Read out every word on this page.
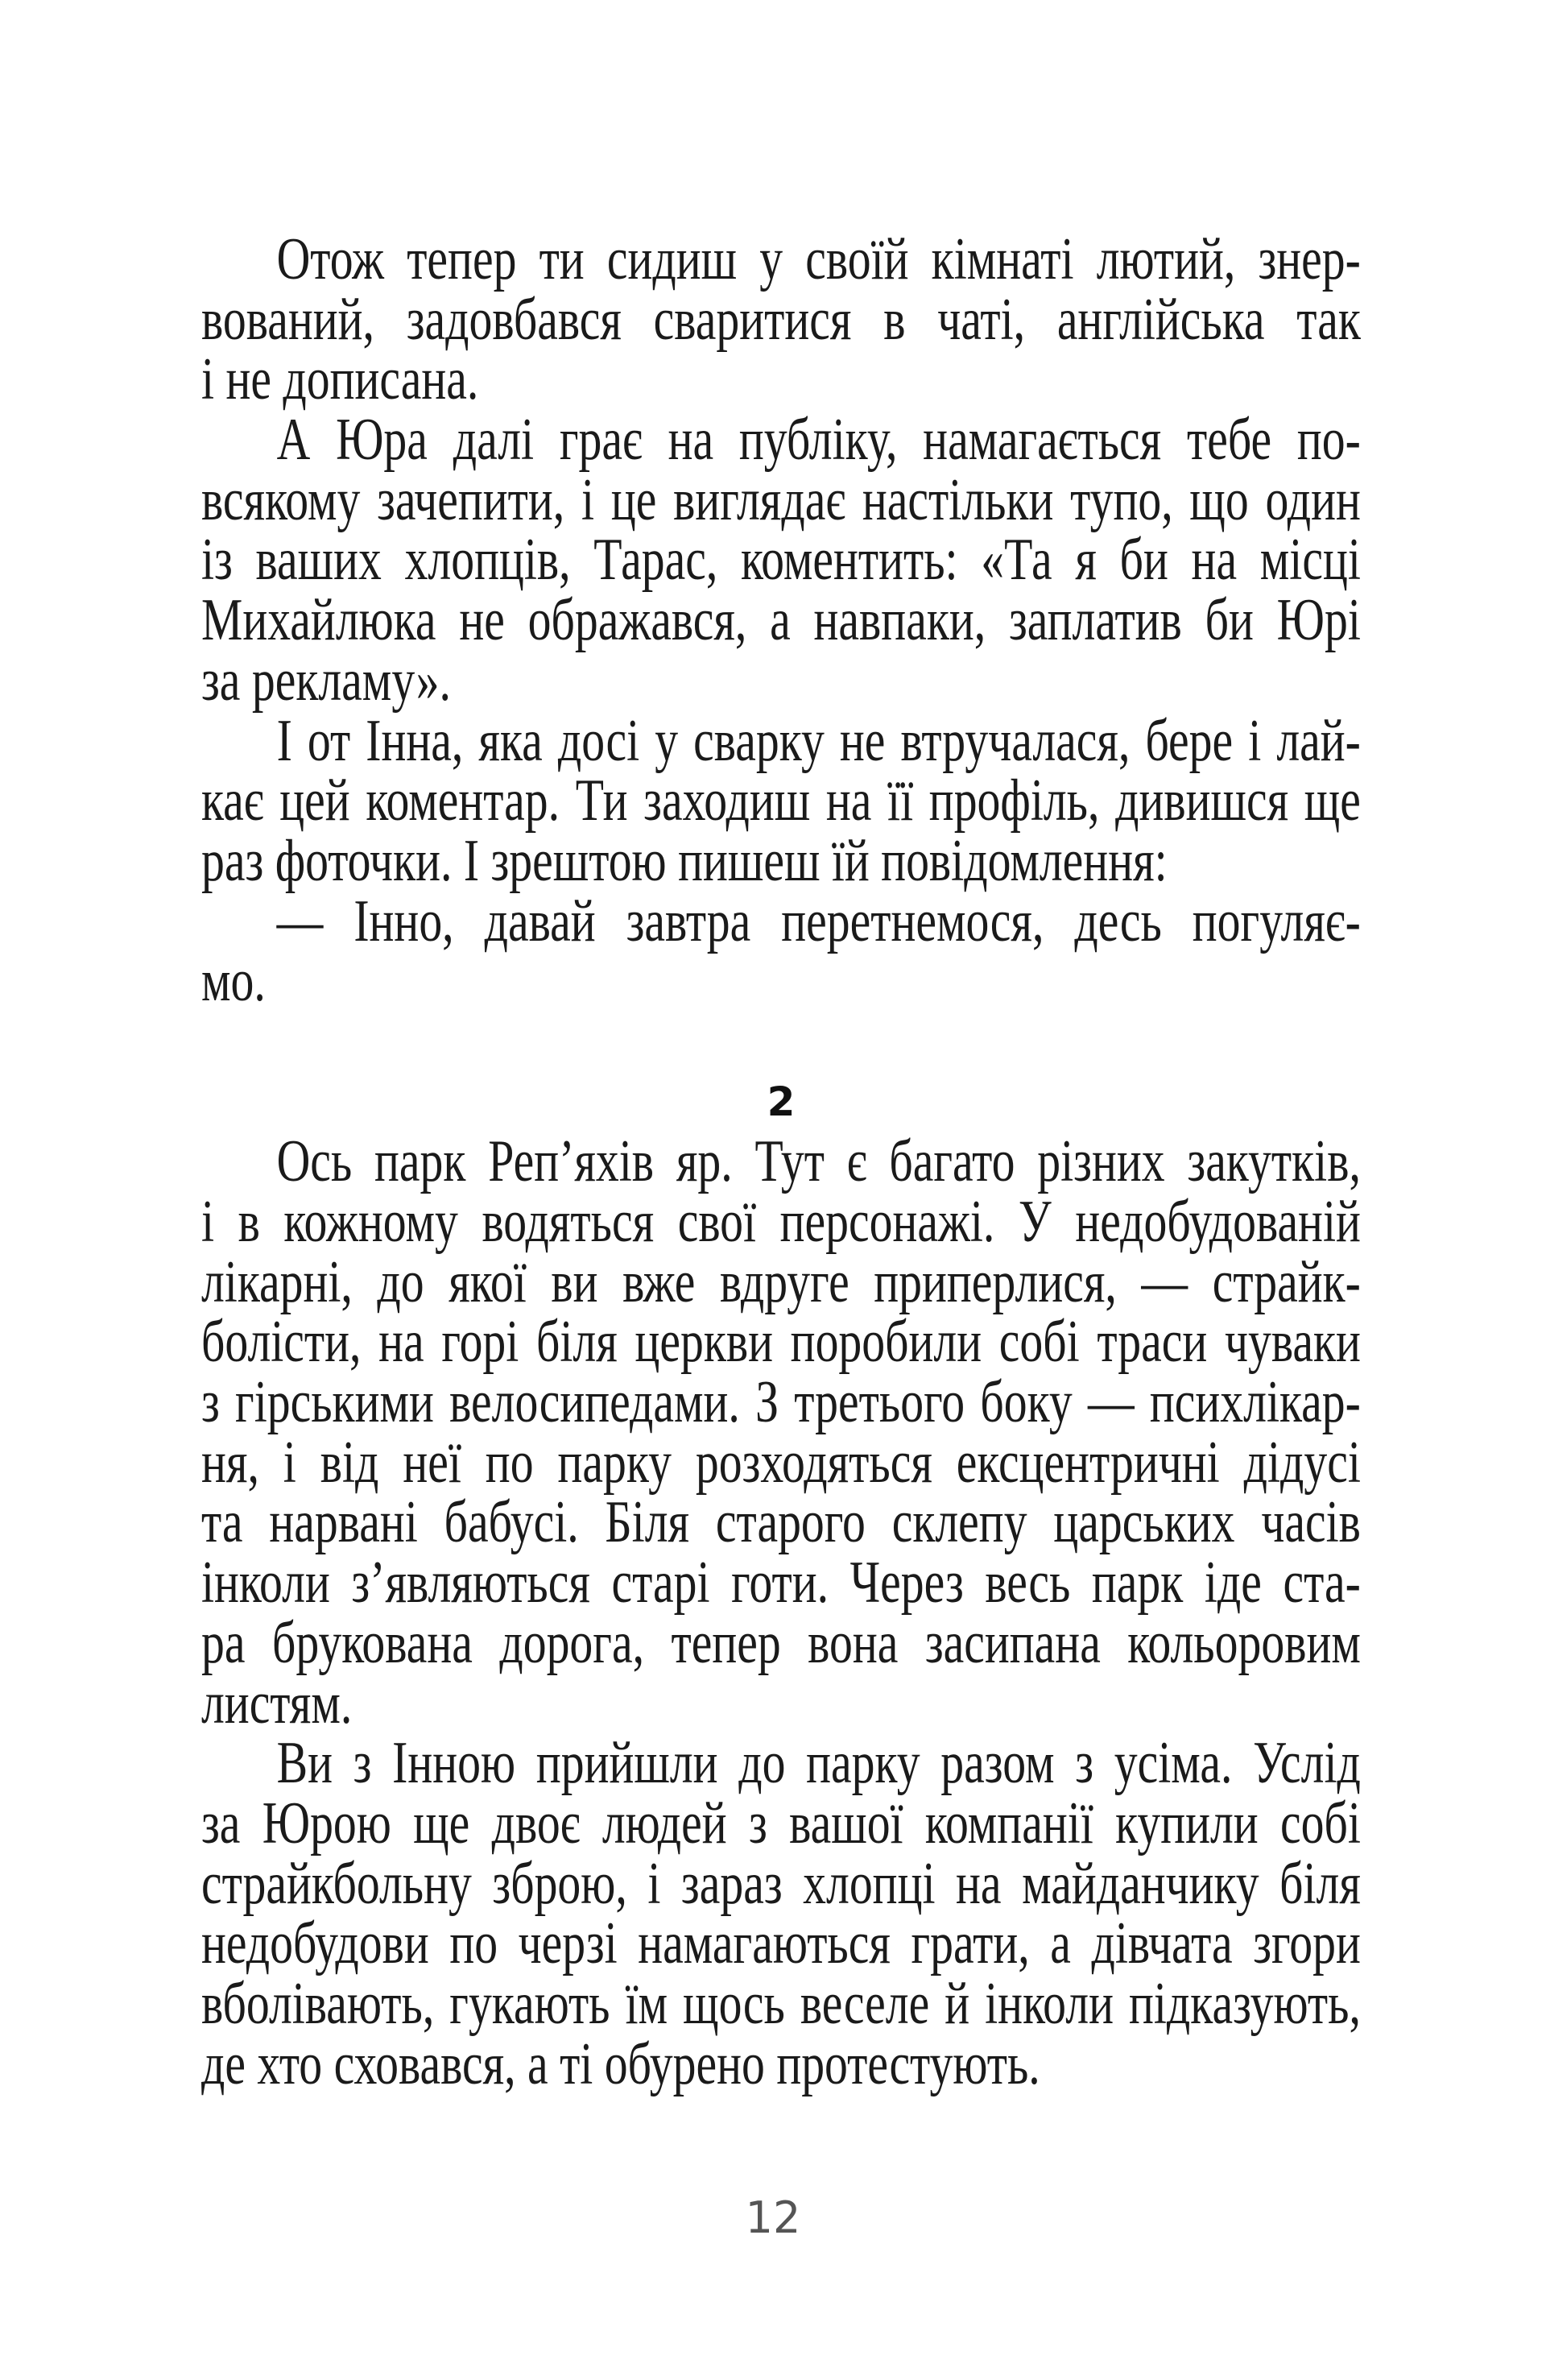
Отож тепер ти сидиш у своїй кімнаті лютий, знер-
вований, задовбався сваритися в чаті, англійська так
і не дописана.
А Юра далі грає на публіку, намагається тебе по-
всякому зачепити, і це виглядає настільки тупо, що один
із ваших хлопців, Тарас, коментить: «Та я би на місці
Михайлюка не ображався, а навпаки, заплатив би Юрі
за рекламу».
І от Інна, яка досі у сварку не втручалася, бере і лай-
кає цей коментар. Ти заходиш на її профіль, дивишся ще
раз фоточки. І зрештою пишеш їй повідомлення:
— Інно, давай завтра перетнемося, десь погуляє-
мо.
2
Ось парк Реп’яхів яр. Тут є багато різних закутків,
і в кожному водяться свої персонажі. У недобудованій
лікарні, до якої ви вже вдруге приперлися, — страйк-
болісти, на горі біля церкви поробили собі траси чуваки
з гірськими велосипедами. З третього боку — психлікар-
ня, і від неї по парку розходяться ексцентричні дідусі
та нарвані бабусі. Біля старого склепу царських часів
інколи з’являються старі готи. Через весь парк іде ста-
ра брукована дорога, тепер вона засипана кольоровим
листям.
Ви з Інною прийшли до парку разом з усіма. Услід
за Юрою ще двоє людей з вашої компанії купили собі
страйкбольну зброю, і зараз хлопці на майданчику біля
недобудови по черзі намагаються грати, а дівчата згори
вболівають, гукають їм щось веселе й інколи підказують,
де хто сховався, а ті обурено протестують.
12
